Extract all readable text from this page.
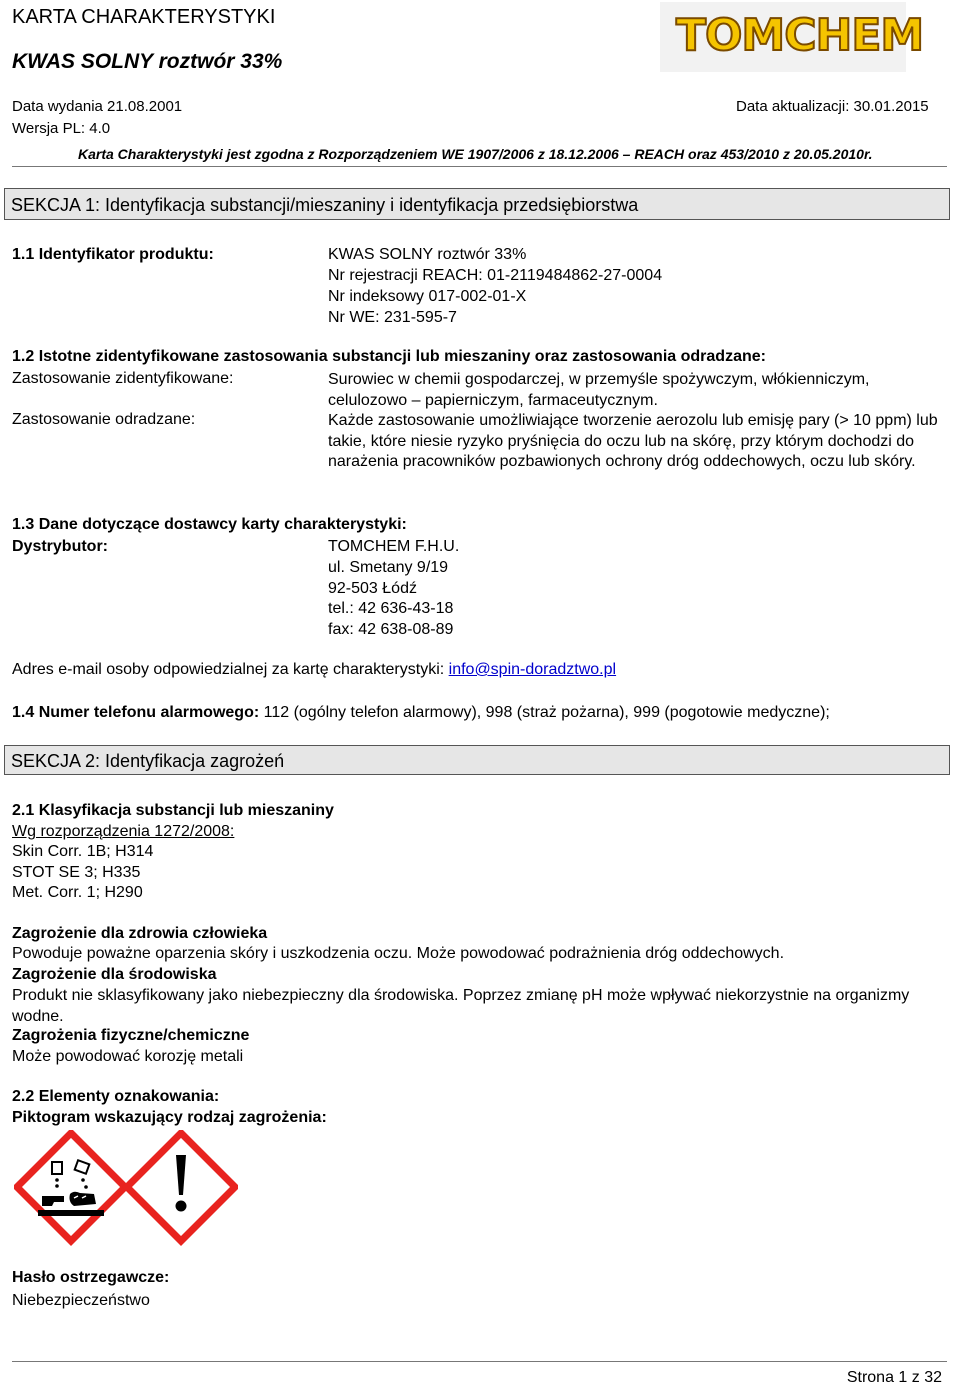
KARTA CHARAKTERYSTYKI
KWAS SOLNY roztwór 33%
TOMCHEM
Data wydania 21.08.2001	Data aktualizacji: 30.01.2015
Wersja PL: 4.0
Karta Charakterystyki jest zgodna z Rozporządzeniem WE 1907/2006 z 18.12.2006 – REACH oraz 453/2010 z 20.05.2010r.
SEKCJA 1: Identyfikacja substancji/mieszaniny i identyfikacja przedsiębiorstwa
1.1 Identyfikator produktu:	KWAS SOLNY roztwór 33%
Nr rejestracji REACH: 01-2119484862-27-0004
Nr indeksowy 017-002-01-X
Nr WE: 231-595-7
1.2 Istotne zidentyfikowane zastosowania substancji lub mieszaniny oraz zastosowania odradzane:
Zastosowanie zidentyfikowane:	Surowiec w chemii gospodarczej, w przemyśle spożywczym, włókienniczym, celulozowo – papierniczym, farmaceutycznym.
Zastosowanie odradzane:	Każde zastosowanie umożliwiające tworzenie aerozolu lub emisję pary (> 10 ppm) lub takie, które niesie ryzyko pryśnięcia do oczu lub na skórę, przy którym dochodzi do narażenia pracowników pozbawionych ochrony dróg oddechowych, oczu lub skóry.
1.3 Dane dotyczące dostawcy karty charakterystyki:
Dystrybutor:	TOMCHEM F.H.U.
ul. Smetany 9/19
92-503 Łódź
tel.: 42 636-43-18
fax: 42 638-08-89
Adres e-mail osoby odpowiedzialnej za kartę charakterystyki: info@spin-doradztwo.pl
1.4 Numer telefonu alarmowego: 112 (ogólny telefon alarmowy), 998 (straż pożarna), 999 (pogotowie medyczne);
SEKCJA 2: Identyfikacja zagrożeń
2.1 Klasyfikacja substancji lub mieszaniny
Wg rozporządzenia 1272/2008:
Skin Corr. 1B; H314
STOT SE 3; H335
Met. Corr. 1; H290
Zagrożenie dla zdrowia człowieka
Powoduje poważne oparzenia skóry i uszkodzenia oczu. Może powodować podrażnienia dróg oddechowych.
Zagrożenie dla środowiska
Produkt nie sklasyfikowany jako niebezpieczny dla środowiska. Poprzez zmianę pH może wpływać niekorzystnie na organizmy wodne.
Zagrożenia fizyczne/chemiczne
Może powodować korozję metali
2.2 Elementy oznakowania:
Piktogram wskazujący rodzaj zagrożenia:
Hasło ostrzegawcze:
Niebezpieczeństwo
Strona 1 z 32
